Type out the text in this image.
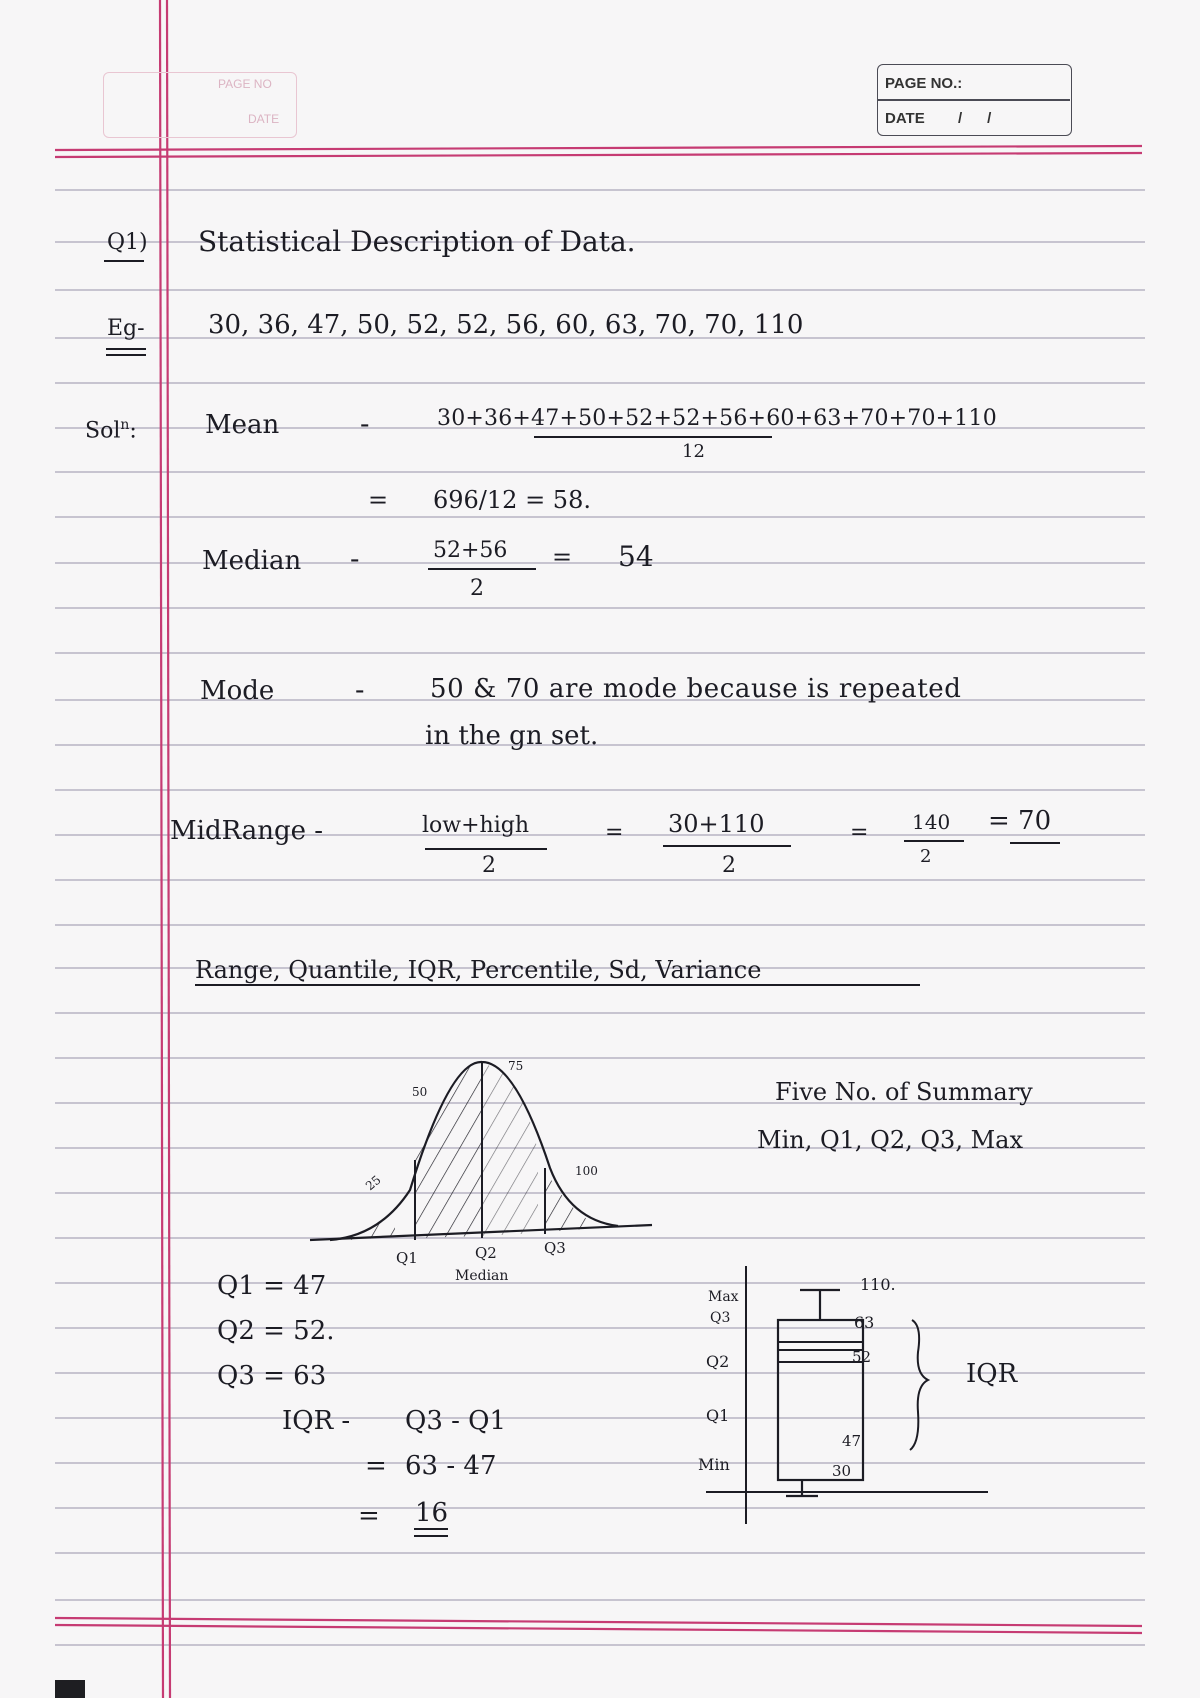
PAGE NO
DATE
PAGE NO.:
DATE /      /
Q1)
Eg-
Sol$^n$:
Statistical Description of Data.
30, 36, 47, 50, 52, 52, 56, 60, 63, 70, 70, 110
Mean	-	30+36+47+50+52+52+56+60+63+70+70+110
12
= 696/12 = 58.
Median -	52+56
2
= 54
Mode	-	50 & 70 are mode because is repeated
in the gn set.
MidRange -	low+high
2
= 30+110
2
= 140
2
= 70
Range, Quantile, IQR, Percentile, Sd, Variance
Five No. of Summary
Min, Q1, Q2, Q3, Max
Q1	Q2	Q3
Median
25
50
75
100
Q1 = 47
Q2 = 52.
Q3 = 63
IQR - Q3 - Q1
= 63 - 47
= 16
Max
Q3
Q2
Q1
Min
110.
63
52
47
30
IQR
